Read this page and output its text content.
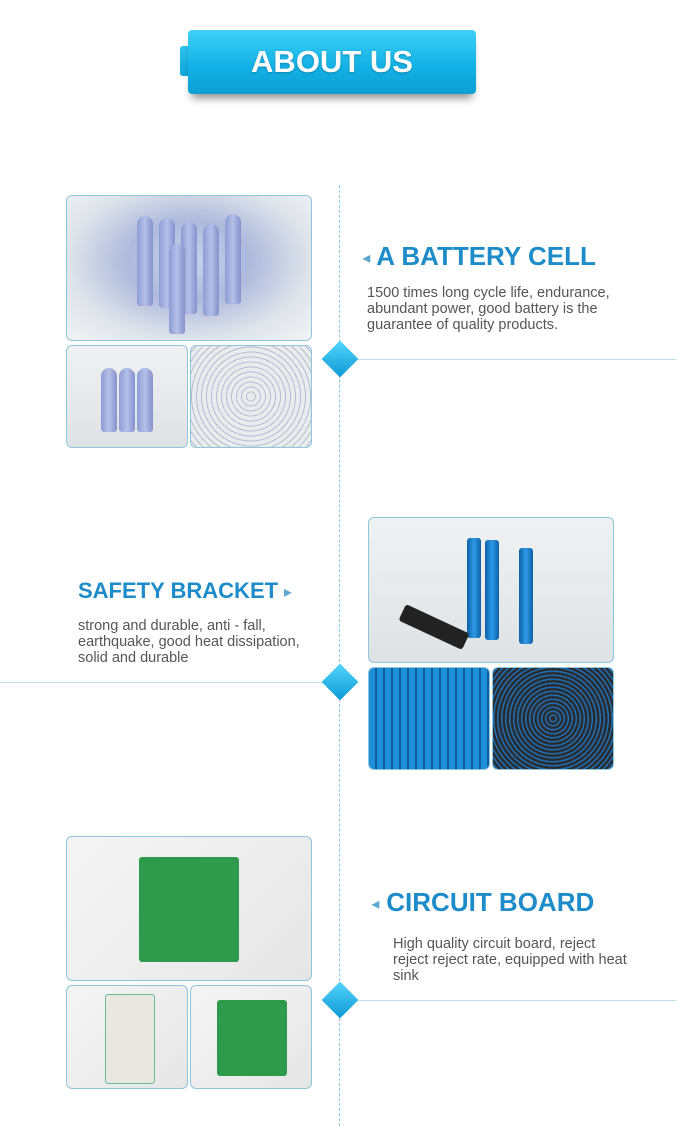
ABOUT US
◂ A BATTERY CELL
1500 times long cycle life, endurance, abundant power, good battery is the guarantee of quality products.
SAFETY BRACKET ▸
strong and durable, anti - fall, earthquake, good heat dissipation, solid and durable
◂ CIRCUIT BOARD
High quality circuit board, reject reject reject rate, equipped with heat sink
